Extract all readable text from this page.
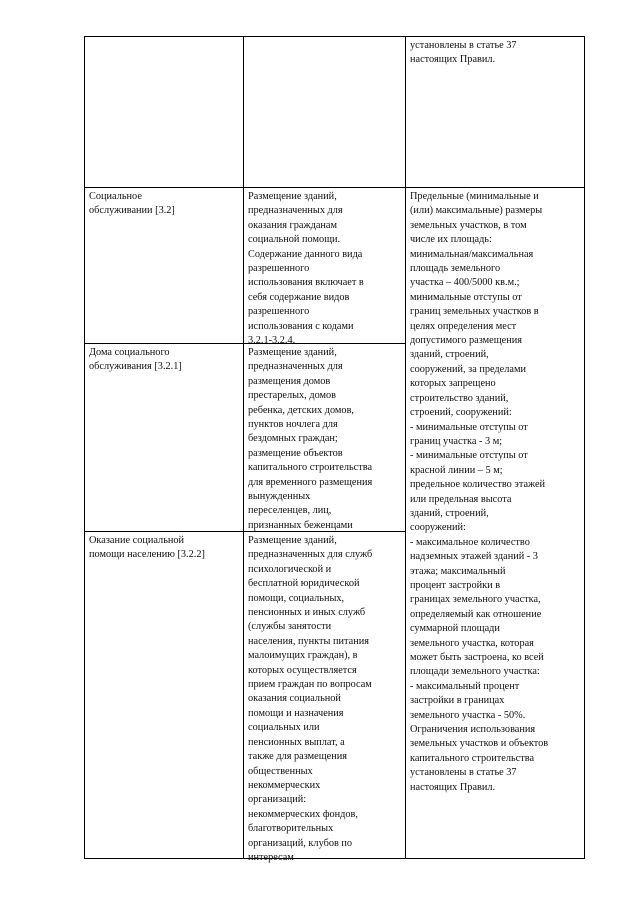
установлены в статье 37

настоящих Правил.

Социальное

обслуживании [3.2]

Размещение зданий,

предназначенных для

оказания гражданам

социальной помощи.

Содержание данного вида

разрешенного

использования включает в

себя содержание видов

разрешенного

использования с кодами

3.2.1-3.2.4.

Предельные (минимальные и

(или) максимальные) размеры

земельных участков, в том

числе их площадь:

минимальная/максимальная

площадь земельного

участка – 400/5000 кв.м.;

минимальные отступы от

границ земельных участков в

целях определения мест

допустимого размещения

зданий, строений,

сооружений, за пределами

которых запрещено

строительство зданий,

строений, сооружений:

- минимальные отступы от

границ участка - 3 м;

- минимальные отступы от

красной линии – 5 м;

предельное количество этажей

или предельная высота

зданий, строений,

сооружений:

- максимальное количество

надземных этажей зданий - 3

этажа; максимальный

процент застройки в

границах земельного участка,

определяемый как отношение

суммарной площади

земельного участка, которая

может быть застроена, ко всей

площади земельного участка:

- максимальный процент

застройки в границах

земельного участка - 50%.

Ограничения использования

земельных участков и объектов

капитального строительства

установлены в статье 37

настоящих Правил.

Дома социального

обслуживания [3.2.1]

Размещение зданий,

предназначенных для

размещения домов

престарелых, домов

ребенка, детских домов,

пунктов ночлега для

бездомных граждан;

размещение объектов

капитального строительства

для временного размещения

вынужденных

переселенцев, лиц,

признанных беженцами

Оказание социальной

помощи населению [3.2.2]

Размещение зданий,

предназначенных для служб

психологической и

бесплатной юридической

помощи, социальных,

пенсионных и иных служб

(службы занятости

населения, пункты питания

малоимущих граждан), в

которых осуществляется

прием граждан по вопросам

оказания социальной

помощи и назначения

социальных или

пенсионных выплат, а

также для размещения

общественных

некоммерческих

организаций:

некоммерческих фондов,

благотворительных

организаций, клубов по

интересам
